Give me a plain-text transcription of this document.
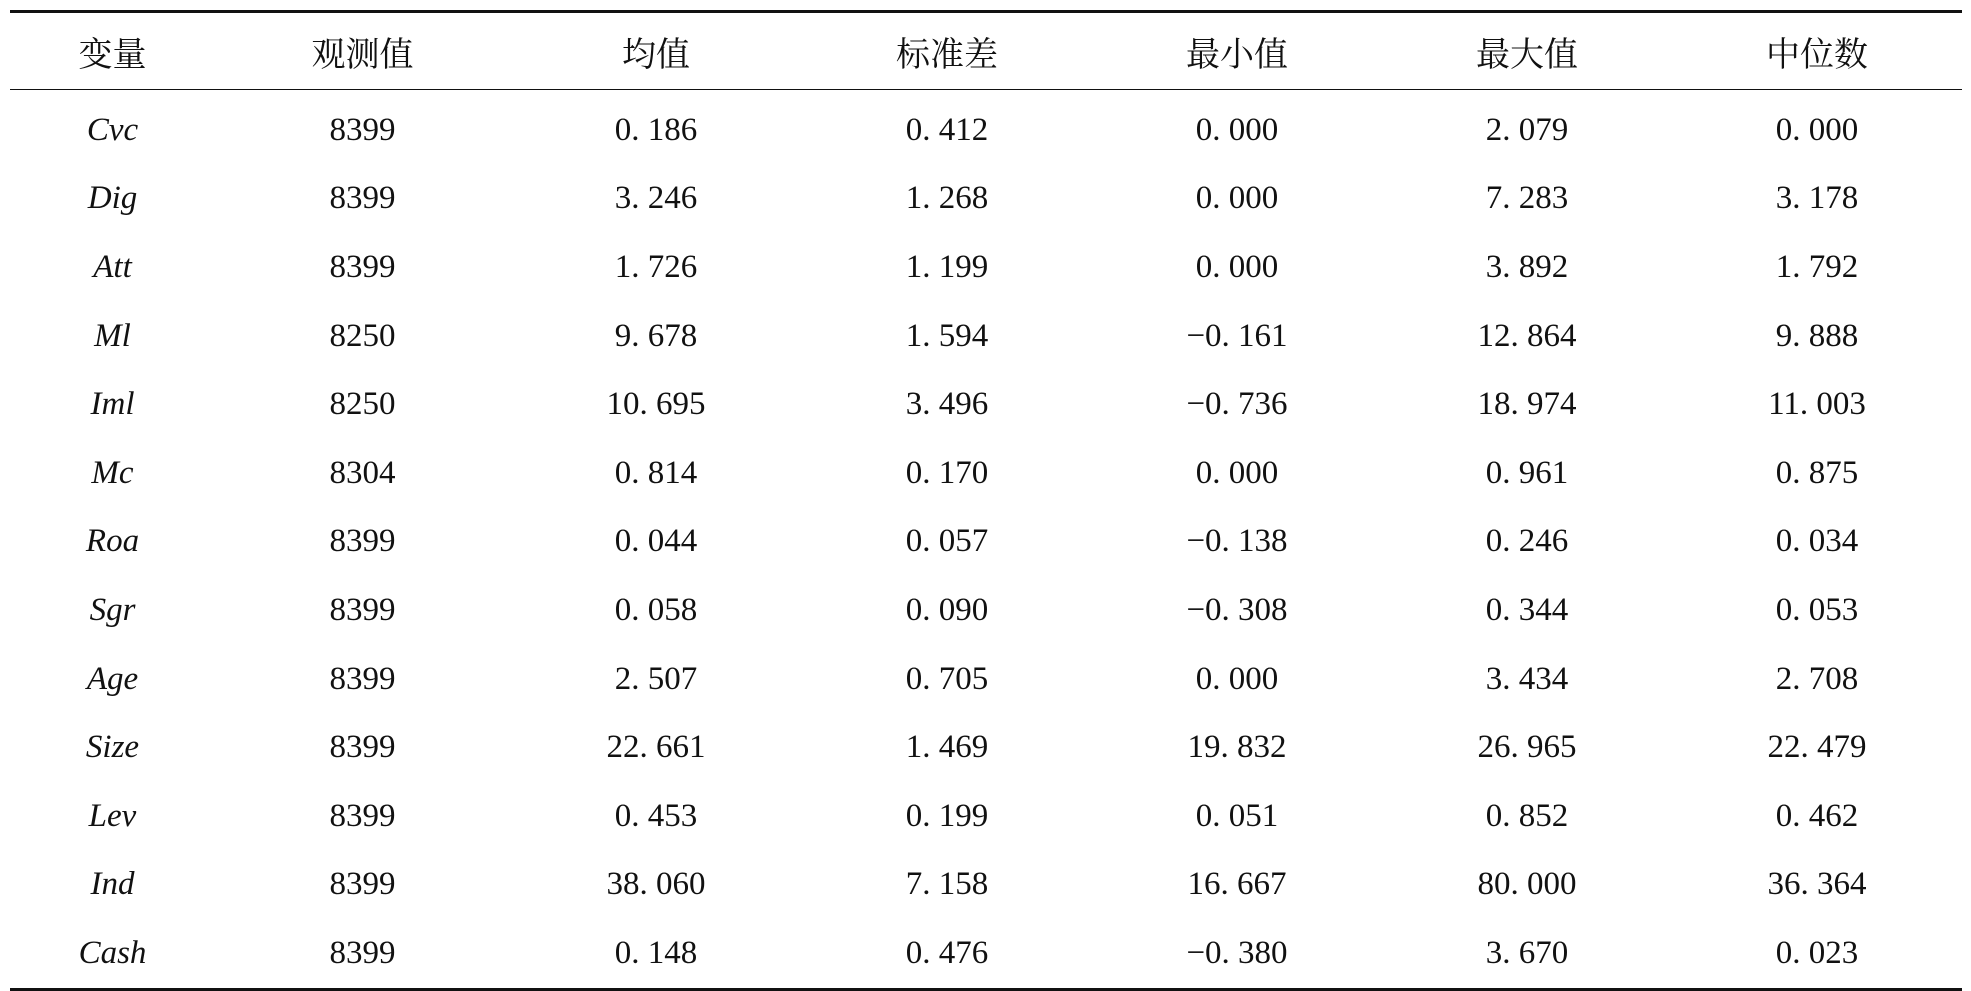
变量	观测值	均值	标准差	最小值	最大值	中位数
Cvc	8399	0. 186	0. 412	0. 000	2. 079	0. 000
Dig	8399	3. 246	1. 268	0. 000	7. 283	3. 178
Att	8399	1. 726	1. 199	0. 000	3. 892	1. 792
Ml	8250	9. 678	1. 594	−0. 161	12. 864	9. 888
Iml	8250	10. 695	3. 496	−0. 736	18. 974	11. 003
Mc	8304	0. 814	0. 170	0. 000	0. 961	0. 875
Roa	8399	0. 044	0. 057	−0. 138	0. 246	0. 034
Sgr	8399	0. 058	0. 090	−0. 308	0. 344	0. 053
Age	8399	2. 507	0. 705	0. 000	3. 434	2. 708
Size	8399	22. 661	1. 469	19. 832	26. 965	22. 479
Lev	8399	0. 453	0. 199	0. 051	0. 852	0. 462
Ind	8399	38. 060	7. 158	16. 667	80. 000	36. 364
Cash	8399	0. 148	0. 476	−0. 380	3. 670	0. 023
